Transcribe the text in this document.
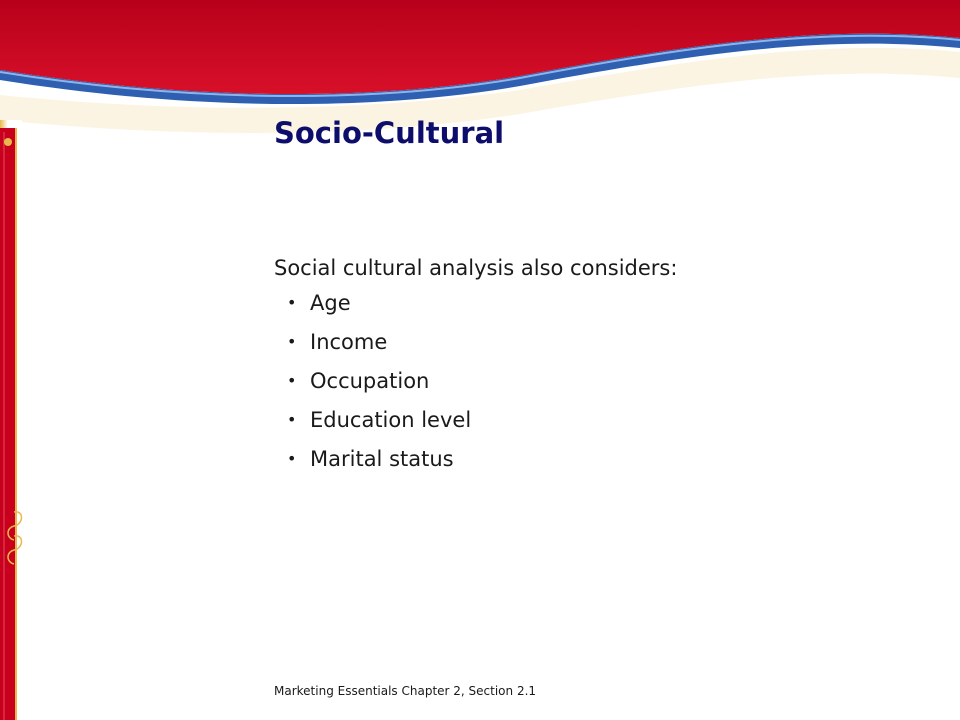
Socio-Cultural

Social cultural analysis also considers:

• Age
• Income
• Occupation
• Education level
• Marital status

Marketing Essentials Chapter 2, Section 2.1
